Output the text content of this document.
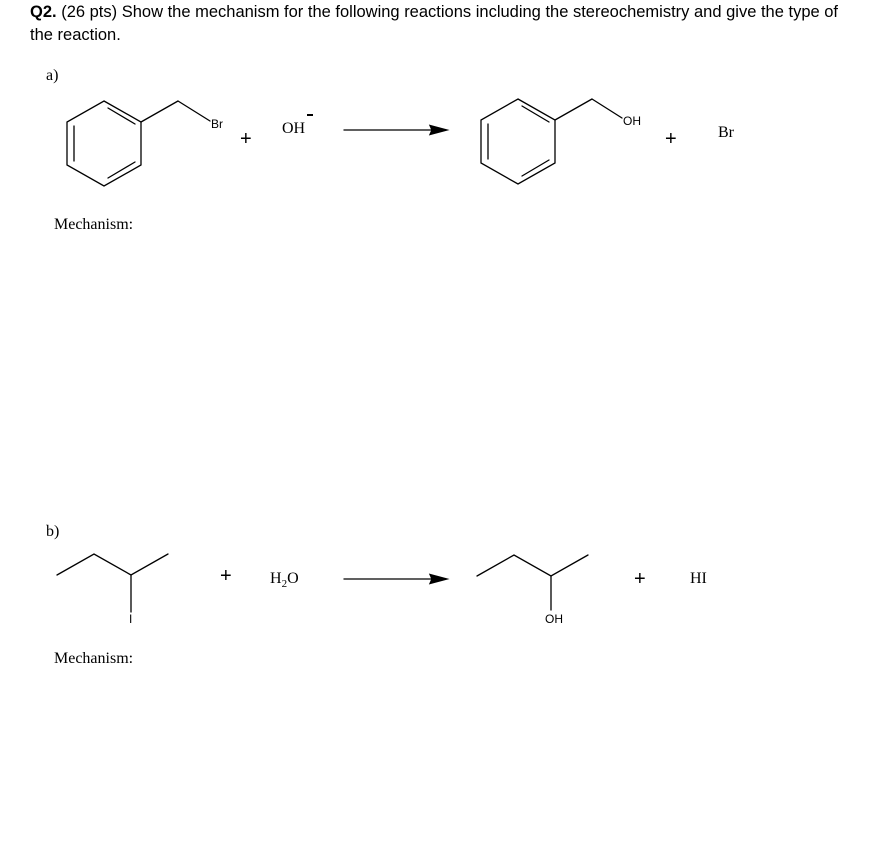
Q2. (26 pts) Show the mechanism for the following reactions including the stereochemistry and give the type of the reaction.
a)
Br
+ OH	OH
+	Br
Mechanism:
b)
I
+ $H_2O$
OH
+	HI
Mechanism:
